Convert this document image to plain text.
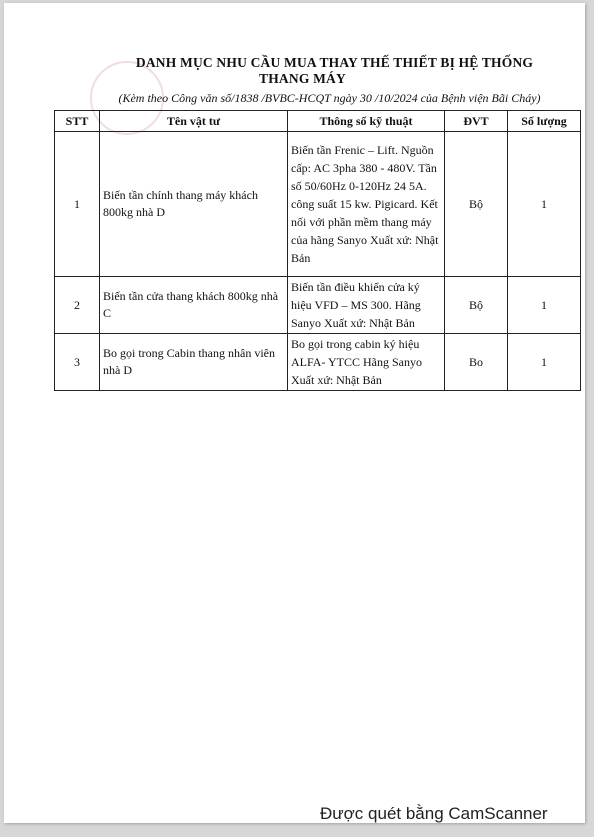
DANH MỤC NHU CẦU MUA THAY THẾ THIẾT BỊ HỆ THỐNG
THANG MÁY
(Kèm theo Công văn số/1838 /BVBC-HCQT ngày 30 /10/2024 của Bệnh viện Bãi Cháy)
STT	Tên vật tư	Thông số kỹ thuật	ĐVT	Số lượng
1	Biến tần chính thang máy khách 800kg nhà D	Biến tần Frenic – Lift. Nguồn cấp: AC 3pha 380 - 480V. Tần số 50/60Hz 0-120Hz 24 5A. công suất 15 kw. Pigicard. Kết nối với phần mềm thang máy của hãng Sanyo Xuất xứ: Nhật Bản	Bộ	1
2	Biến tần cửa thang khách 800kg nhà C	Biến tần điều khiển cửa ký hiệu VFD – MS 300. Hãng Sanyo Xuất xứ: Nhật Bản	Bộ	1
3	Bo gọi trong Cabin thang nhân viên nhà D	Bo gọi trong cabin ký hiệu ALFA- YTCC Hãng Sanyo Xuất xứ: Nhật Bản	Bo	1
Được quét bằng CamScanner
